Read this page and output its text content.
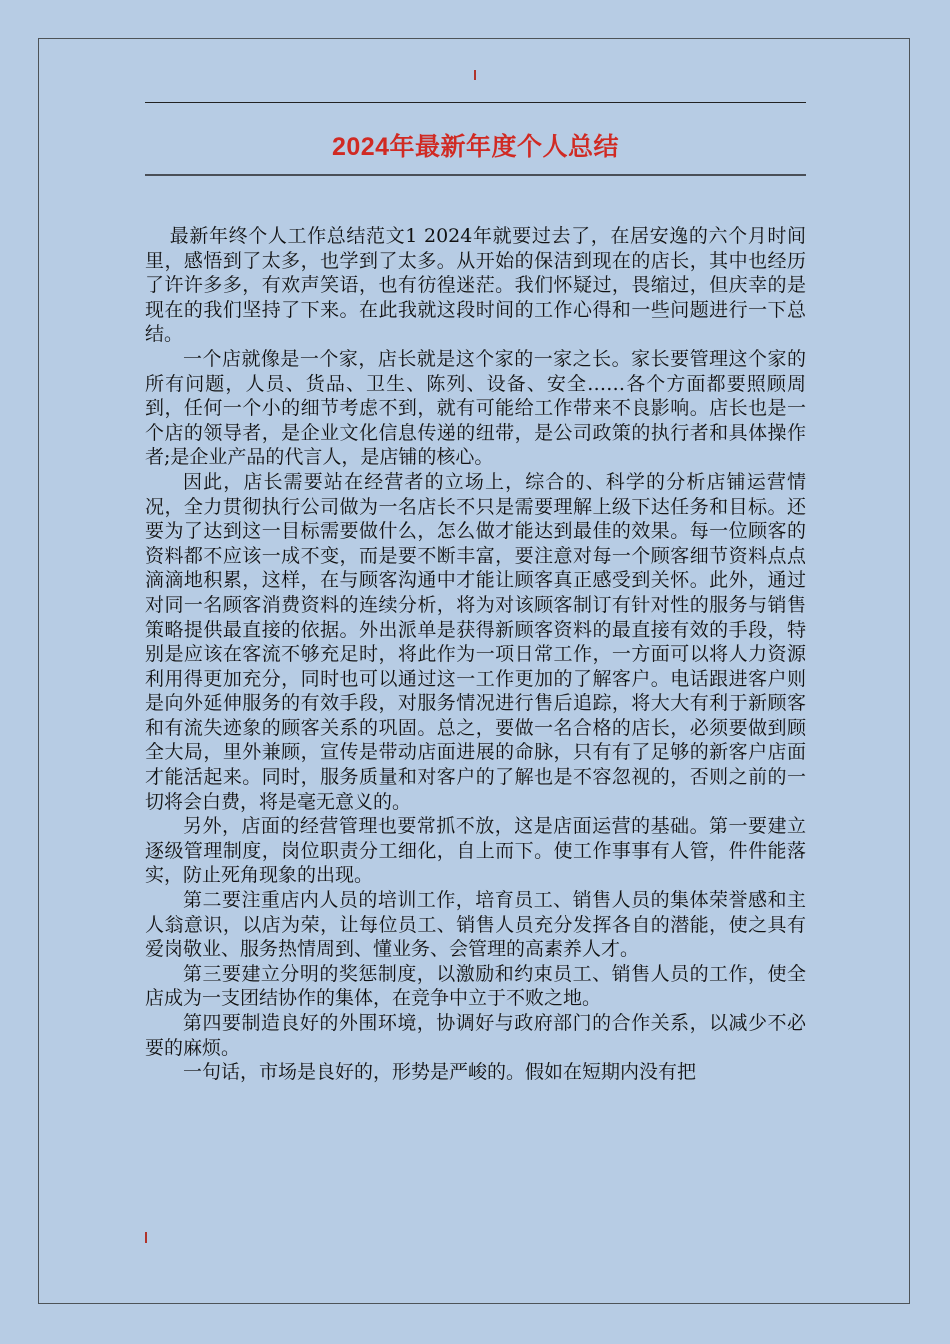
2024年最新年度个人总结

最新年终个人工作总结范文1 2024年就要过去了，在居安逸的六个月时间里，感悟到了太多，也学到了太多。从开始的保洁到现在的店长，其中也经历了许许多多，有欢声笑语，也有彷徨迷茫。我们怀疑过，畏缩过，但庆幸的是现在的我们坚持了下来。在此我就这段时间的工作心得和一些问题进行一下总结。

一个店就像是一个家，店长就是这个家的一家之长。家长要管理这个家的所有问题，人员、货品、卫生、陈列、设备、安全……各个方面都要照顾周到，任何一个小的细节考虑不到，就有可能给工作带来不良影响。店长也是一个店的领导者，是企业文化信息传递的纽带，是公司政策的执行者和具体操作者;是企业产品的代言人，是店铺的核心。

因此，店长需要站在经营者的立场上，综合的、科学的分析店铺运营情况，全力贯彻执行公司做为一名店长不只是需要理解上级下达任务和目标。还要为了达到这一目标需要做什么，怎么做才能达到最佳的效果。每一位顾客的资料都不应该一成不变，而是要不断丰富，要注意对每一个顾客细节资料点点滴滴地积累，这样，在与顾客沟通中才能让顾客真正感受到关怀。此外，通过对同一名顾客消费资料的连续分析，将为对该顾客制订有针对性的服务与销售策略提供最直接的依据。外出派单是获得新顾客资料的最直接有效的手段，特别是应该在客流不够充足时，将此作为一项日常工作，一方面可以将人力资源利用得更加充分，同时也可以通过这一工作更加的了解客户。电话跟进客户则是向外延伸服务的有效手段，对服务情况进行售后追踪，将大大有利于新顾客和有流失迹象的顾客关系的巩固。总之，要做一名合格的店长，必须要做到顾全大局，里外兼顾，宣传是带动店面进展的命脉，只有有了足够的新客户店面才能活起来。同时，服务质量和对客户的了解也是不容忽视的，否则之前的一切将会白费，将是毫无意义的。

另外，店面的经营管理也要常抓不放，这是店面运营的基础。第一要建立逐级管理制度，岗位职责分工细化，自上而下。使工作事事有人管，件件能落实，防止死角现象的出现。

第二要注重店内人员的培训工作，培育员工、销售人员的集体荣誉感和主人翁意识，以店为荣，让每位员工、销售人员充分发挥各自的潜能，使之具有爱岗敬业、服务热情周到、懂业务、会管理的高素养人才。

第三要建立分明的奖惩制度，以激励和约束员工、销售人员的工作，使全店成为一支团结协作的集体，在竞争中立于不败之地。

第四要制造良好的外围环境，协调好与政府部门的合作关系，以减少不必要的麻烦。

一句话，市场是良好的，形势是严峻的。假如在短期内没有把
